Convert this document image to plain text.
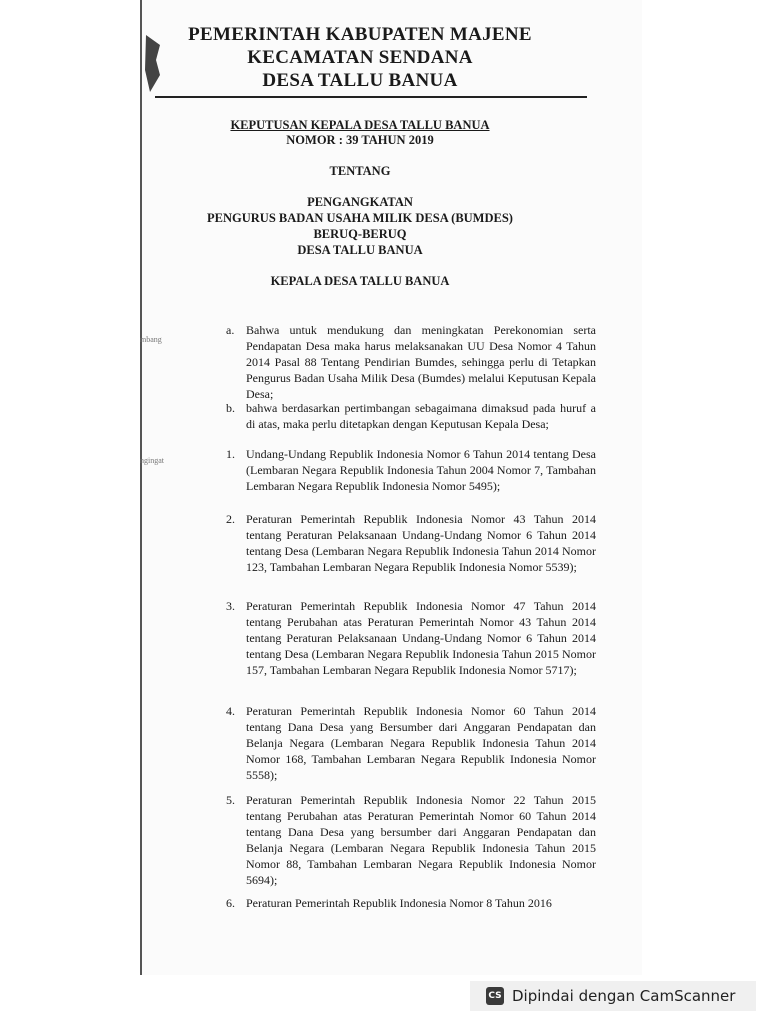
PEMERINTAH KABUPATEN MAJENE
KECAMATAN SENDANA
DESA TALLU BANUA
KEPUTUSAN KEPALA DESA TALLU BANUA
NOMOR : 39 TAHUN 2019
TENTANG
PENGANGKATAN
PENGURUS BADAN USAHA MILIK DESA (BUMDES)
BERUQ-BERUQ
DESA TALLU BANUA
KEPALA DESA TALLU BANUA
mbang
ngingat
a. Bahwa untuk mendukung dan meningkatan Perekonomian serta Pendapatan Desa maka harus melaksanakan UU Desa Nomor 4 Tahun 2014 Pasal 88 Tentang Pendirian Bumdes, sehingga perlu di Tetapkan Pengurus Badan Usaha Milik Desa (Bumdes) melalui Keputusan Kepala Desa;
b. bahwa berdasarkan pertimbangan sebagaimana dimaksud pada huruf a di atas, maka perlu ditetapkan dengan Keputusan Kepala Desa;
1. Undang-Undang Republik Indonesia Nomor 6 Tahun 2014 tentang Desa (Lembaran Negara Republik Indonesia Tahun 2004 Nomor 7, Tambahan Lembaran Negara Republik Indonesia Nomor 5495);
2. Peraturan Pemerintah Republik Indonesia Nomor 43 Tahun 2014 tentang Peraturan Pelaksanaan Undang-Undang Nomor 6 Tahun 2014 tentang Desa (Lembaran Negara Republik Indonesia Tahun 2014 Nomor 123, Tambahan Lembaran Negara Republik Indonesia Nomor 5539);
3. Peraturan Pemerintah Republik Indonesia Nomor 47 Tahun 2014 tentang Perubahan atas Peraturan Pemerintah Nomor 43 Tahun 2014 tentang Peraturan Pelaksanaan Undang-Undang Nomor 6 Tahun 2014 tentang Desa (Lembaran Negara Republik Indonesia Tahun 2015 Nomor 157, Tambahan Lembaran Negara Republik Indonesia Nomor 5717);
4. Peraturan Pemerintah Republik Indonesia Nomor 60 Tahun 2014 tentang Dana Desa yang Bersumber dari Anggaran Pendapatan dan Belanja Negara (Lembaran Negara Republik Indonesia Tahun 2014 Nomor 168, Tambahan Lembaran Negara Republik Indonesia Nomor 5558);
5. Peraturan Pemerintah Republik Indonesia Nomor 22 Tahun 2015 tentang Perubahan atas Peraturan Pemerintah Nomor 60 Tahun 2014 tentang Dana Desa yang bersumber dari Anggaran Pendapatan dan Belanja Negara (Lembaran Negara Republik Indonesia Tahun 2015 Nomor 88, Tambahan Lembaran Negara Republik Indonesia Nomor 5694);
6. Peraturan Pemerintah Republik Indonesia Nomor 8 Tahun 2016
CS Dipindai dengan CamScanner
